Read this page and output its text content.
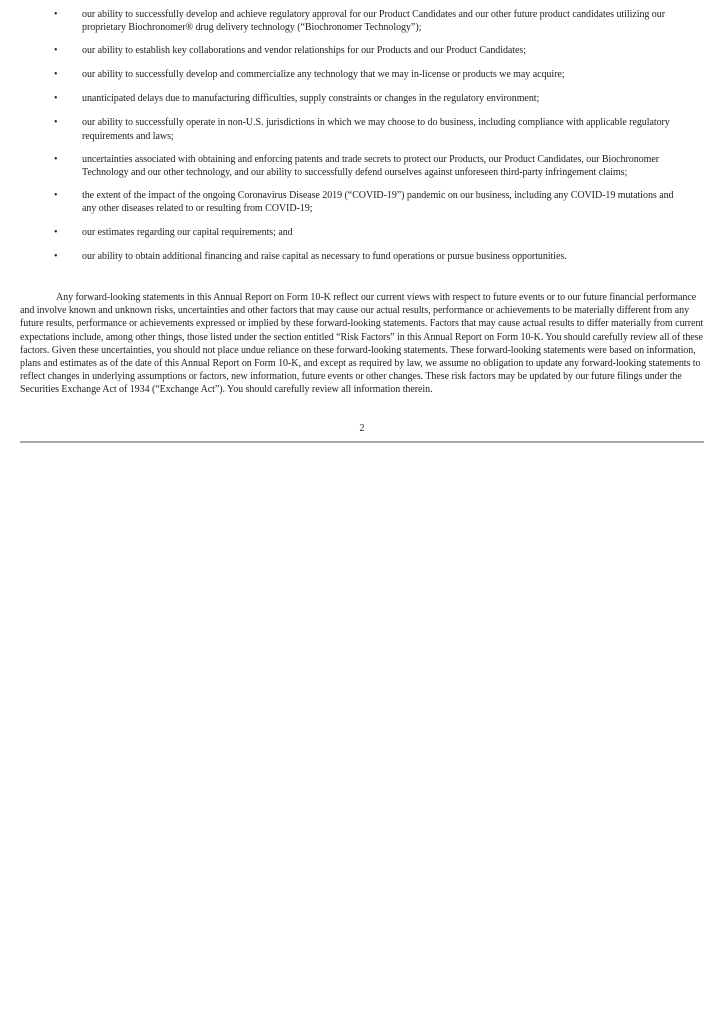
• our ability to successfully develop and achieve regulatory approval for our Product Candidates and our other future product candidates utilizing our proprietary Biochronomer® drug delivery technology (“Biochronomer Technology”);
• our ability to establish key collaborations and vendor relationships for our Products and our Product Candidates;
• our ability to successfully develop and commercialize any technology that we may in-license or products we may acquire;
• unanticipated delays due to manufacturing difficulties, supply constraints or changes in the regulatory environment;
• our ability to successfully operate in non-U.S. jurisdictions in which we may choose to do business, including compliance with applicable regulatory requirements and laws;
• uncertainties associated with obtaining and enforcing patents and trade secrets to protect our Products, our Product Candidates, our Biochronomer Technology and our other technology, and our ability to successfully defend ourselves against unforeseen third-party infringement claims;
• the extent of the impact of the ongoing Coronavirus Disease 2019 (“COVID-19”) pandemic on our business, including any COVID-19 mutations and any other diseases related to or resulting from COVID-19;
• our estimates regarding our capital requirements; and
• our ability to obtain additional financing and raise capital as necessary to fund operations or pursue business opportunities.

Any forward-looking statements in this Annual Report on Form 10-K reflect our current views with respect to future events or to our future financial performance and involve known and unknown risks, uncertainties and other factors that may cause our actual results, performance or achievements to be materially different from any future results, performance or achievements expressed or implied by these forward-looking statements. Factors that may cause actual results to differ materially from current expectations include, among other things, those listed under the section entitled “Risk Factors” in this Annual Report on Form 10-K. You should carefully review all of these factors. Given these uncertainties, you should not place undue reliance on these forward-looking statements. These forward-looking statements were based on information, plans and estimates as of the date of this Annual Report on Form 10-K, and except as required by law, we assume no obligation to update any forward-looking statements to reflect changes in underlying assumptions or factors, new information, future events or other changes. These risk factors may be updated by our future filings under the Securities Exchange Act of 1934 (“Exchange Act”). You should carefully review all information therein.

2
